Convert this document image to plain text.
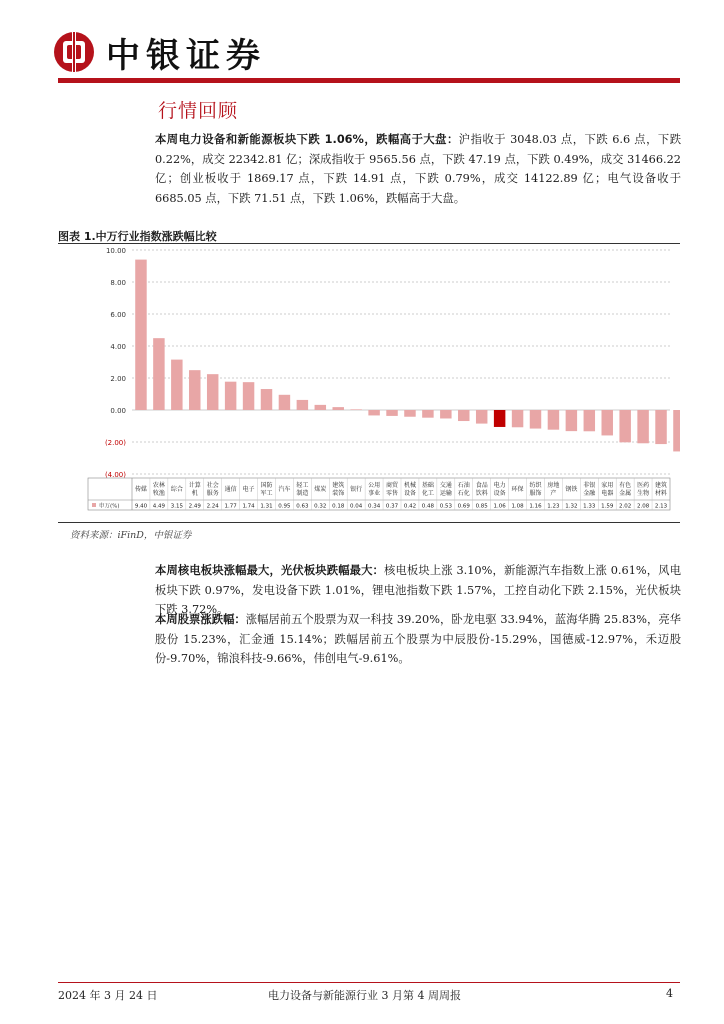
中银证券
行情回顾
本周电力设备和新能源板块下跌 1.06%，跌幅高于大盘：沪指收于 3048.03 点，下跌 6.6 点，下跌 0.22%，成交 22342.81 亿；深成指收于 9565.56 点，下跌 47.19 点，下跌 0.49%，成交 31466.22 亿；创业板收于 1869.17 点，下跌 14.91 点，下跌 0.79%，成交 14122.89 亿；电气设备收于 6685.05 点，下跌 71.51 点，下跌 1.06%，跌幅高于大盘。
图表 1.中万行业指数涨跌幅比较
10.00
8.00
6.00
4.00
2.00
0.00
(2.00)
(4.00)
申万(%)
传媒
9.40
农林
牧渔
4.49
综合
3.15
计算
机
2.49
社会
服务
2.24
通信
1.77
电子
1.74
国防
军工
1.31
汽车
0.95
轻工
制造
0.63
煤炭
0.32
建筑
装饰
0.18
银行
0.04
公用
事业
0.34
商贸
零售
0.37
机械
设备
0.42
基础
化工
0.48
交通
运输
0.53
石油
石化
0.69
食品
饮料
0.85
电力
设备
1.06
环保
1.08
纺织
服饰
1.16
房地
产
1.23
钢铁
1.32
非银
金融
1.33
家用
电器
1.59
有色
金属
2.02
医药
生物
2.08
建筑
材料
2.13
资料来源：iFinD，中银证券
本周核电板块涨幅最大，光伏板块跌幅最大：核电板块上涨 3.10%，新能源汽车指数上涨 0.61%，风电板块下跌 0.97%，发电设备下跌 1.01%，锂电池指数下跌 1.57%，工控自动化下跌 2.15%，光伏板块下跌 3.72%。
本周股票涨跌幅：涨幅居前五个股票为双一科技 39.20%，卧龙电驱 33.94%，蓝海华腾 25.83%，亮华股份 15.23%，汇金通 15.14%；跌幅居前五个股票为中辰股份-15.29%，国德威-12.97%，禾迈股份-9.70%，锦浪科技-9.66%，伟创电气-9.61%。
2024 年 3 月 24 日	电力设备与新能源行业 3 月第 4 周周报	4
